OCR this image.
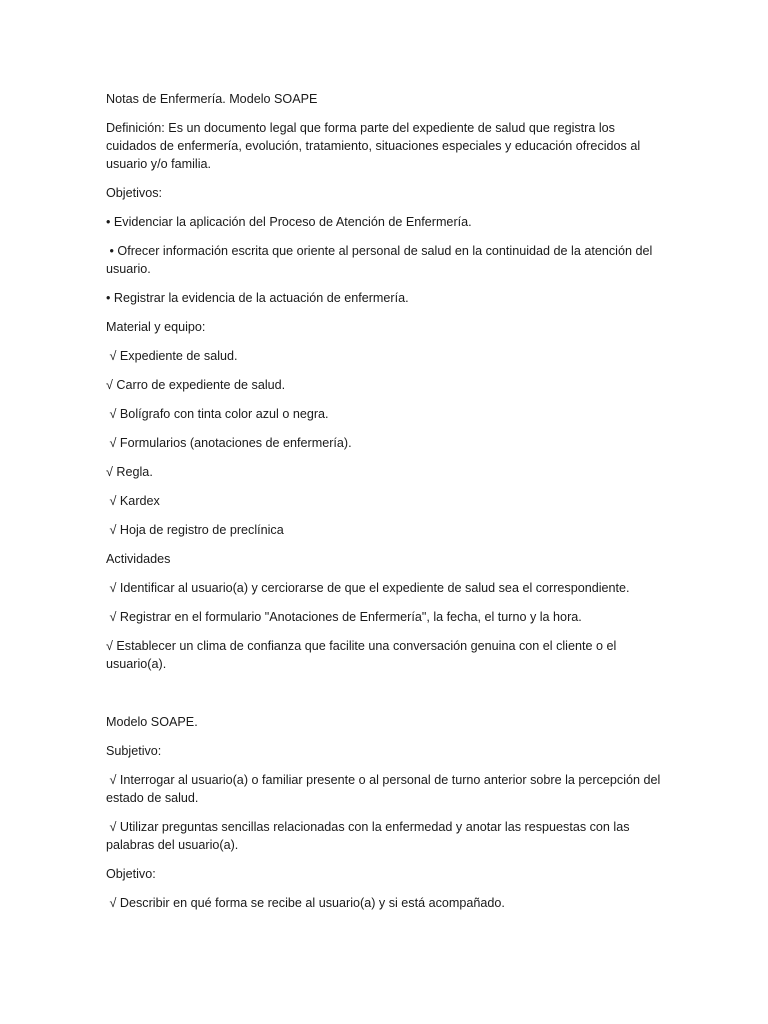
Notas de Enfermería. Modelo SOAPE

Definición: Es un documento legal que forma parte del expediente de salud que registra los cuidados de enfermería, evolución, tratamiento, situaciones especiales y educación ofrecidos al usuario y/o familia.

Objetivos:

• Evidenciar la aplicación del Proceso de Atención de Enfermería.

• Ofrecer información escrita que oriente al personal de salud en la continuidad de la atención del usuario.

• Registrar la evidencia de la actuación de enfermería.

Material y equipo:

√ Expediente de salud.

√ Carro de expediente de salud.

√ Bolígrafo con tinta color azul o negra.

√ Formularios (anotaciones de enfermería).

√ Regla.

√ Kardex

√ Hoja de registro de preclínica

Actividades

√ Identificar al usuario(a) y cerciorarse de que el expediente de salud sea el correspondiente.

√ Registrar en el formulario "Anotaciones de Enfermería", la fecha, el turno y la hora.

√ Establecer un clima de confianza que facilite una conversación genuina con el cliente o el usuario(a).

Modelo SOAPE.

Subjetivo:

√ Interrogar al usuario(a) o familiar presente o al personal de turno anterior sobre la percepción del estado de salud.

√ Utilizar preguntas sencillas relacionadas con la enfermedad y anotar las respuestas con las palabras del usuario(a).

Objetivo:

√ Describir en qué forma se recibe al usuario(a) y si está acompañado.
